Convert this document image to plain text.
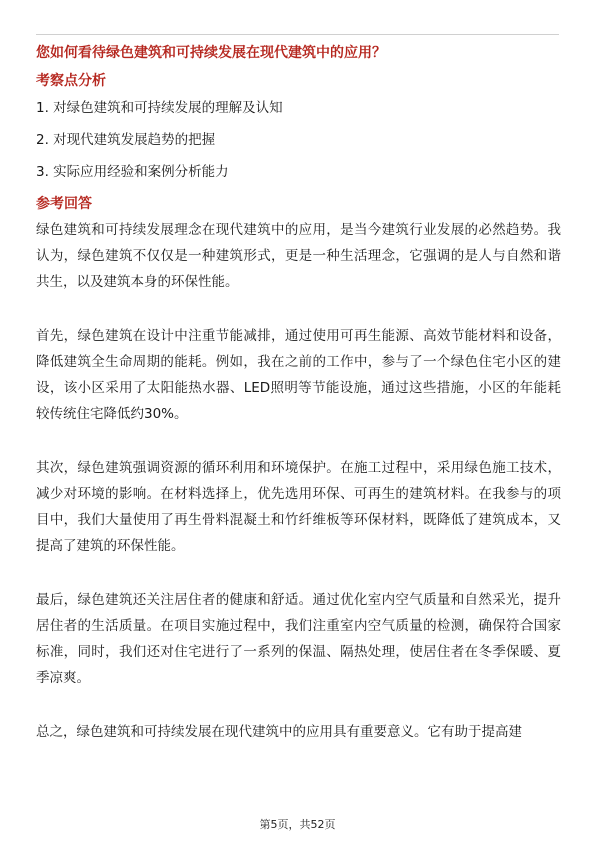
您如何看待绿色建筑和可持续发展在现代建筑中的应用？

考察点分析

1. 对绿色建筑和可持续发展的理解及认知

2. 对现代建筑发展趋势的把握

3. 实际应用经验和案例分析能力

参考回答

绿色建筑和可持续发展理念在现代建筑中的应用，是当今建筑行业发展的必然趋势。我认为，绿色建筑不仅仅是一种建筑形式，更是一种生活理念，它强调的是人与自然和谐共生，以及建筑本身的环保性能。

首先，绿色建筑在设计中注重节能减排，通过使用可再生能源、高效节能材料和设备，降低建筑全生命周期的能耗。例如，我在之前的工作中，参与了一个绿色住宅小区的建设，该小区采用了太阳能热水器、LED照明等节能设施，通过这些措施，小区的年能耗较传统住宅降低约30%。

其次，绿色建筑强调资源的循环利用和环境保护。在施工过程中，采用绿色施工技术，减少对环境的影响。在材料选择上，优先选用环保、可再生的建筑材料。在我参与的项目中，我们大量使用了再生骨料混凝土和竹纤维板等环保材料，既降低了建筑成本，又提高了建筑的环保性能。

最后，绿色建筑还关注居住者的健康和舒适。通过优化室内空气质量和自然采光，提升居住者的生活质量。在项目实施过程中，我们注重室内空气质量的检测，确保符合国家标准，同时，我们还对住宅进行了一系列的保温、隔热处理，使居住者在冬季保暖、夏季凉爽。

总之，绿色建筑和可持续发展在现代建筑中的应用具有重要意义。它有助于提高建

第5页，共52页
